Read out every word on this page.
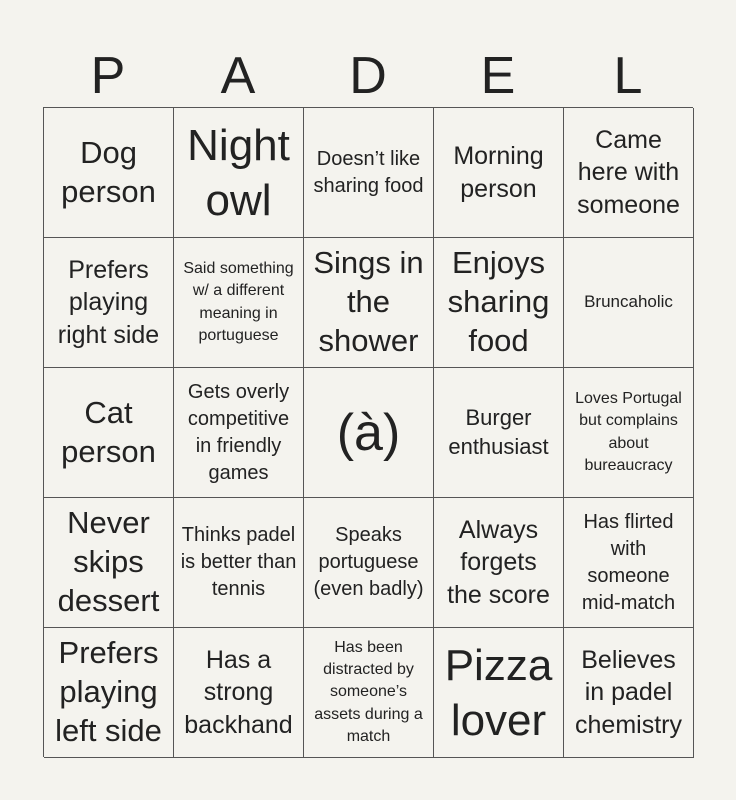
P	A	D	E	L
Dog person
Night owl
Doesn’t like sharing food
Morning person
Came here with someone
Prefers playing right side
Said something w/ a different meaning in portuguese
Sings in the shower
Enjoys sharing food
Bruncaholic
Cat person
Gets overly competitive in friendly games
(à)	Burger enthusiast
Loves Portugal but complains about bureaucracy
Never skips dessert
Thinks padel is better than tennis
Speaks portuguese (even badly)
Always forgets the score
Has flirted with someone mid-match
Prefers playing left side
Has a strong backhand
Has been distracted by someone’s assets during a match
Pizza lover
Believes in padel chemistry
